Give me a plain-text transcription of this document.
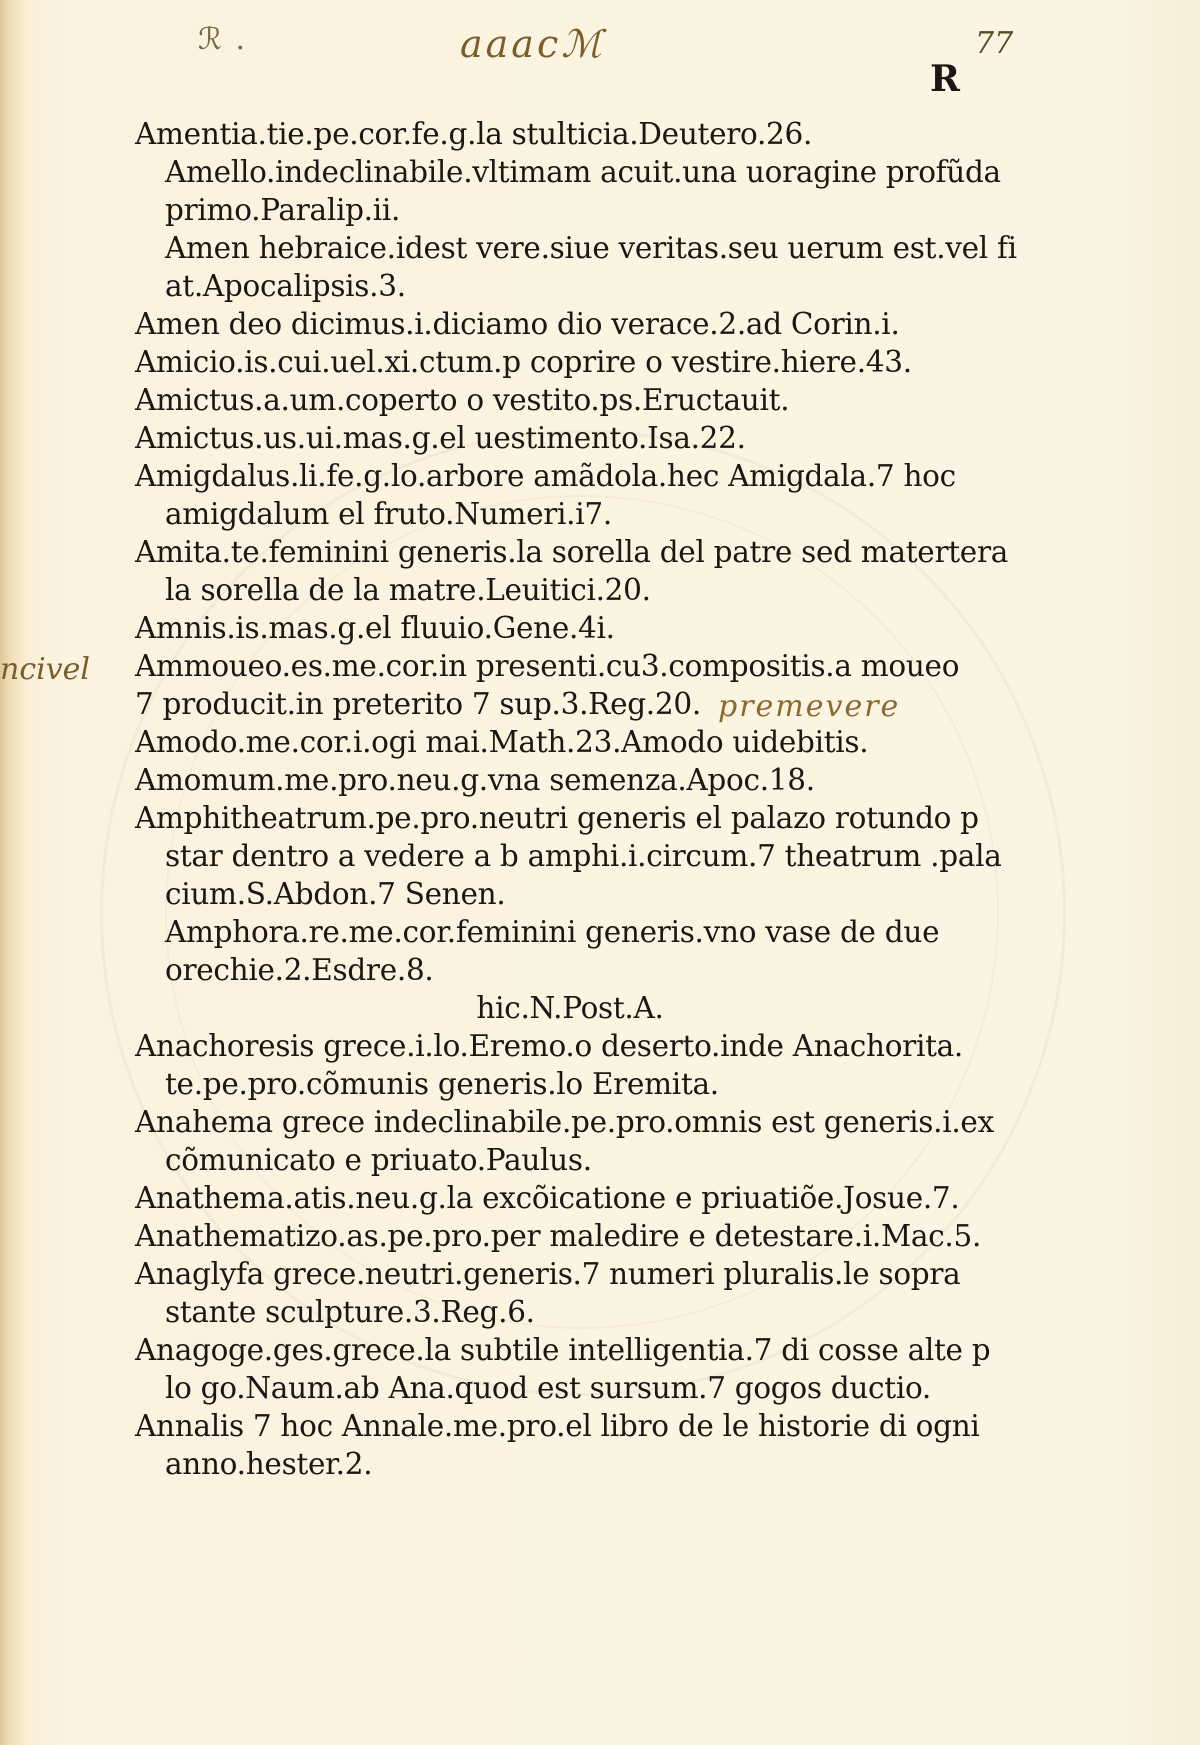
ℛ .	aaacℳ	77
R
ncivel
premevere

Amentia.tie.pe.cor.fe.g.la stulticia.Deutero.26.

Amello.indeclinabile.vltimam acuit.una uoragine profũda

primo.Paralip.ii.

Amen hebraice.idest vere.siue veritas.seu uerum est.vel fi

at.Apocalipsis.3.

Amen deo dicimus.i.diciamo dio verace.2.ad Corin.i.

Amicio.is.cui.uel.xi.ctum.p coprire o vestire.hiere.43.

Amictus.a.um.coperto o vestito.ps.Eructauit.

Amictus.us.ui.mas.g.el uestimento.Isa.22.

Amigdalus.li.fe.g.lo.arbore amãdola.hec Amigdala.7 hoc

amigdalum el fruto.Numeri.i7.

Amita.te.feminini generis.la sorella del patre sed matertera

la sorella de la matre.Leuitici.20.

Amnis.is.mas.g.el fluuio.Gene.4i.

Ammoueo.es.me.cor.in presenti.cu3.compositis.a moueo

7 producit.in preterito 7 sup.3.Reg.20.

Amodo.me.cor.i.ogi mai.Math.23.Amodo uidebitis.

Amomum.me.pro.neu.g.vna semenza.Apoc.18.

Amphitheatrum.pe.pro.neutri generis el palazo rotundo p

star dentro a vedere a b amphi.i.circum.7 theatrum .pala

cium.S.Abdon.7 Senen.

Amphora.re.me.cor.feminini generis.vno vase de due

orechie.2.Esdre.8.

hic.N.Post.A.

Anachoresis grece.i.lo.Eremo.o deserto.inde Anachorita.

te.pe.pro.cõmunis generis.lo Eremita.

Anahema grece indeclinabile.pe.pro.omnis est generis.i.ex

cõmunicato e priuato.Paulus.

Anathema.atis.neu.g.la excõicatione e priuatiõe.Josue.7.

Anathematizo.as.pe.pro.per maledire e detestare.i.Mac.5.

Anaglyfa grece.neutri.generis.7 numeri pluralis.le sopra

stante sculpture.3.Reg.6.

Anagoge.ges.grece.la subtile intelligentia.7 di cosse alte p

lo go.Naum.ab Ana.quod est sursum.7 gogos ductio.

Annalis 7 hoc Annale.me.pro.el libro de le historie di ogni

anno.hester.2.
